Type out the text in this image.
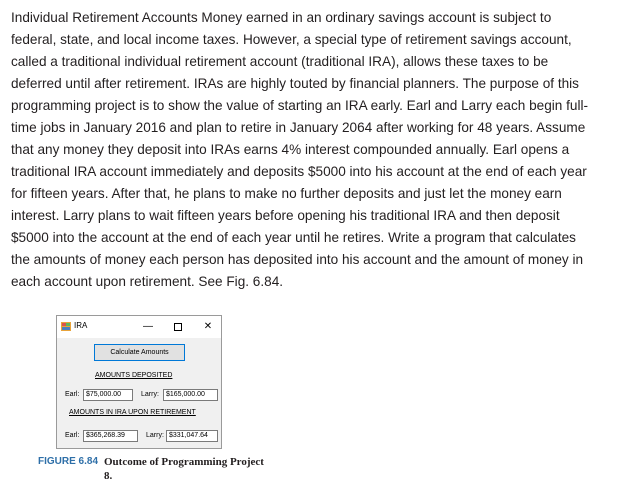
Individual Retirement Accounts Money earned in an ordinary savings account is subject to
federal, state, and local income taxes. However, a special type of retirement savings account,
called a traditional individual retirement account (traditional IRA), allows these taxes to be
deferred until after retirement. IRAs are highly touted by financial planners. The purpose of this
programming project is to show the value of starting an IRA early. Earl and Larry each begin full-
time jobs in January 2016 and plan to retire in January 2064 after working for 48 years. Assume
that any money they deposit into IRAs earns 4% interest compounded annually. Earl opens a
traditional IRA account immediately and deposits $5000 into his account at the end of each year
for fifteen years. After that, he plans to make no further deposits and just let the money earn
interest. Larry plans to wait fifteen years before opening his traditional IRA and then deposit
$5000 into the account at the end of each year until he retires. Write a program that calculates
the amounts of money each person has deposited into his account and the amount of money in
each account upon retirement. See Fig. 6.84.
IRA	—	✕
Calculate Amounts
AMOUNTS DEPOSITED
Earl: $75,000.00	Larry:	$165,000.00
AMOUNTS IN IRA UPON RETIREMENT
Earl: $365,268.39	Larry: $331,047.64
FIGURE 6.84 Outcome of Programming Project 8.
